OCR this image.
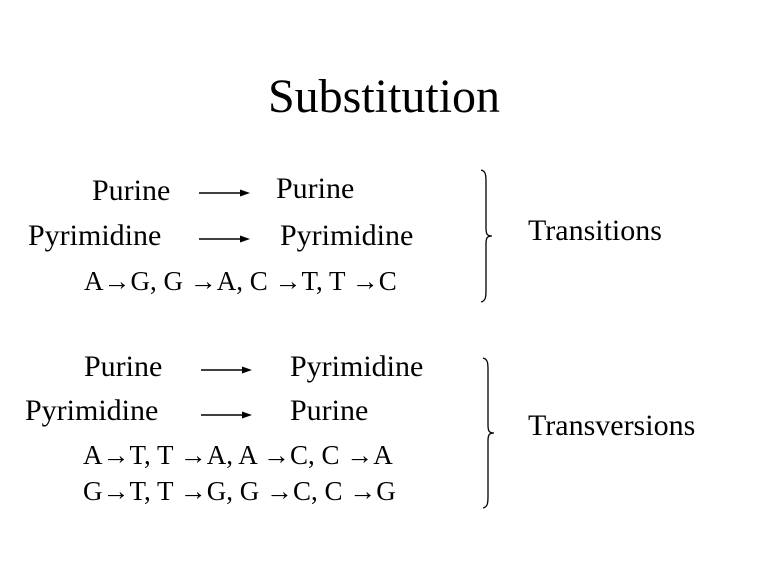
Substitution
Purine	Purine
Pyrimidine	Pyrimidine
A→G, G →A, C →T, T →C
Transitions
Purine	Pyrimidine
Pyrimidine	Purine
A→T, T →A, A →C, C →A
G→T, T →G, G →C, C →G
Transversions
